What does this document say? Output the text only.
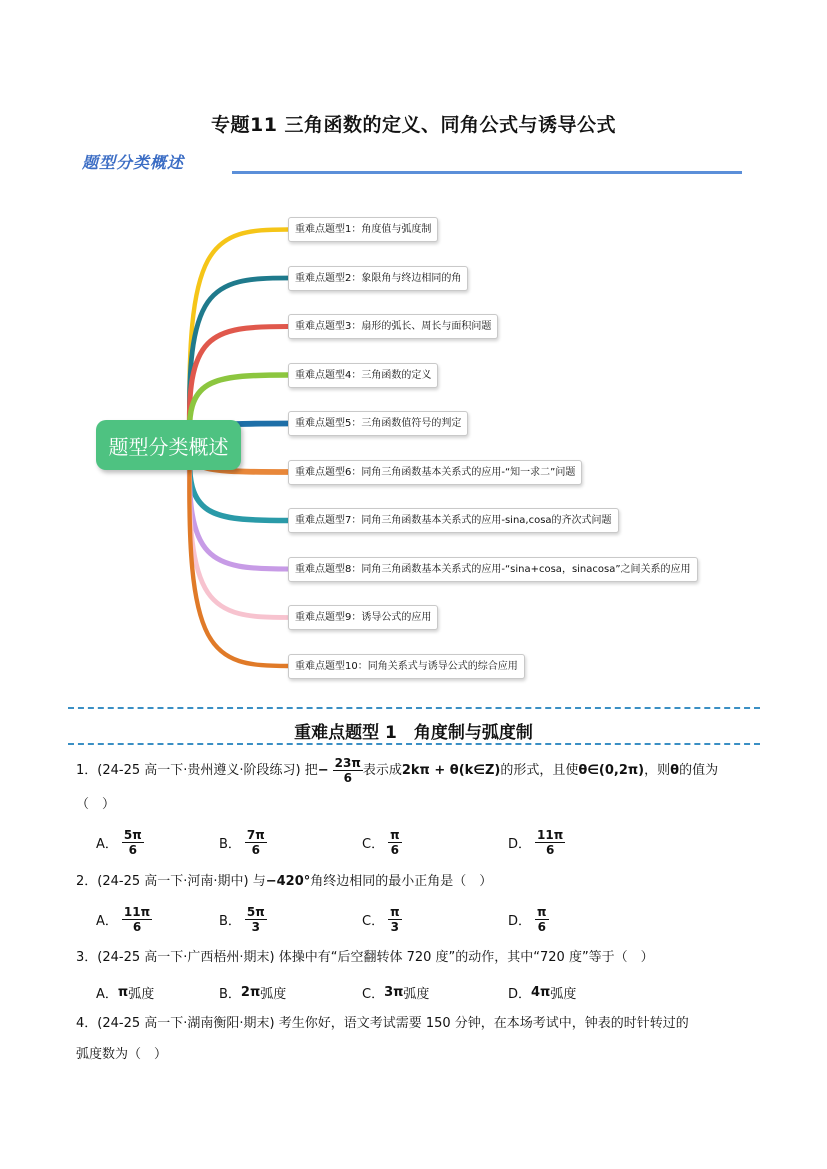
专题11 三角函数的定义、同角公式与诱导公式
题型分类概述
题型分类概述
重难点题型1：角度值与弧度制
重难点题型2：象限角与终边相同的角
重难点题型3：扇形的弧长、周长与面积问题
重难点题型4：三角函数的定义
重难点题型5：三角函数值符号的判定
重难点题型6：同角三角函数基本关系式的应用-“知一求二”问题
重难点题型7：同角三角函数基本关系式的应用-sina,cosa的齐次式问题
重难点题型8：同角三角函数基本关系式的应用-“sina+cosa，sinacosa”之间关系的应用
重难点题型9：诱导公式的应用
重难点题型10：同角关系式与诱导公式的综合应用
重难点题型 1　角度制与弧度制
1．(24-25 高一下·贵州遵义·阶段练习) 把 − $\frac{23\pi}{6}$ 表示成 2kπ + θ(k∈Z) 的形式，且使 θ∈(0,2π) ，则 θ 的值为
（　）
A． $\frac{5\pi}{6}$	B． $\frac{7\pi}{6}$	C． $\frac{\pi}{6}$	D． $\frac{11\pi}{6}$
2．(24-25 高一下·河南·期中) 与 −420° 角终边相同的最小正角是（　）
A． $\frac{11\pi}{6}$	B． $\frac{5\pi}{3}$	C． $\frac{\pi}{3}$	D． $\frac{\pi}{6}$
3．(24-25 高一下·广西梧州·期末) 体操中有“后空翻转体 720 度”的动作，其中“720 度”等于（　）
A． π 弧度	B． 2π 弧度	C． 3π 弧度	D． 4π 弧度
4．(24-25 高一下·湖南衡阳·期末) 考生你好，语文考试需要 150 分钟，在本场考试中，钟表的时针转过的
弧度数为（　）
